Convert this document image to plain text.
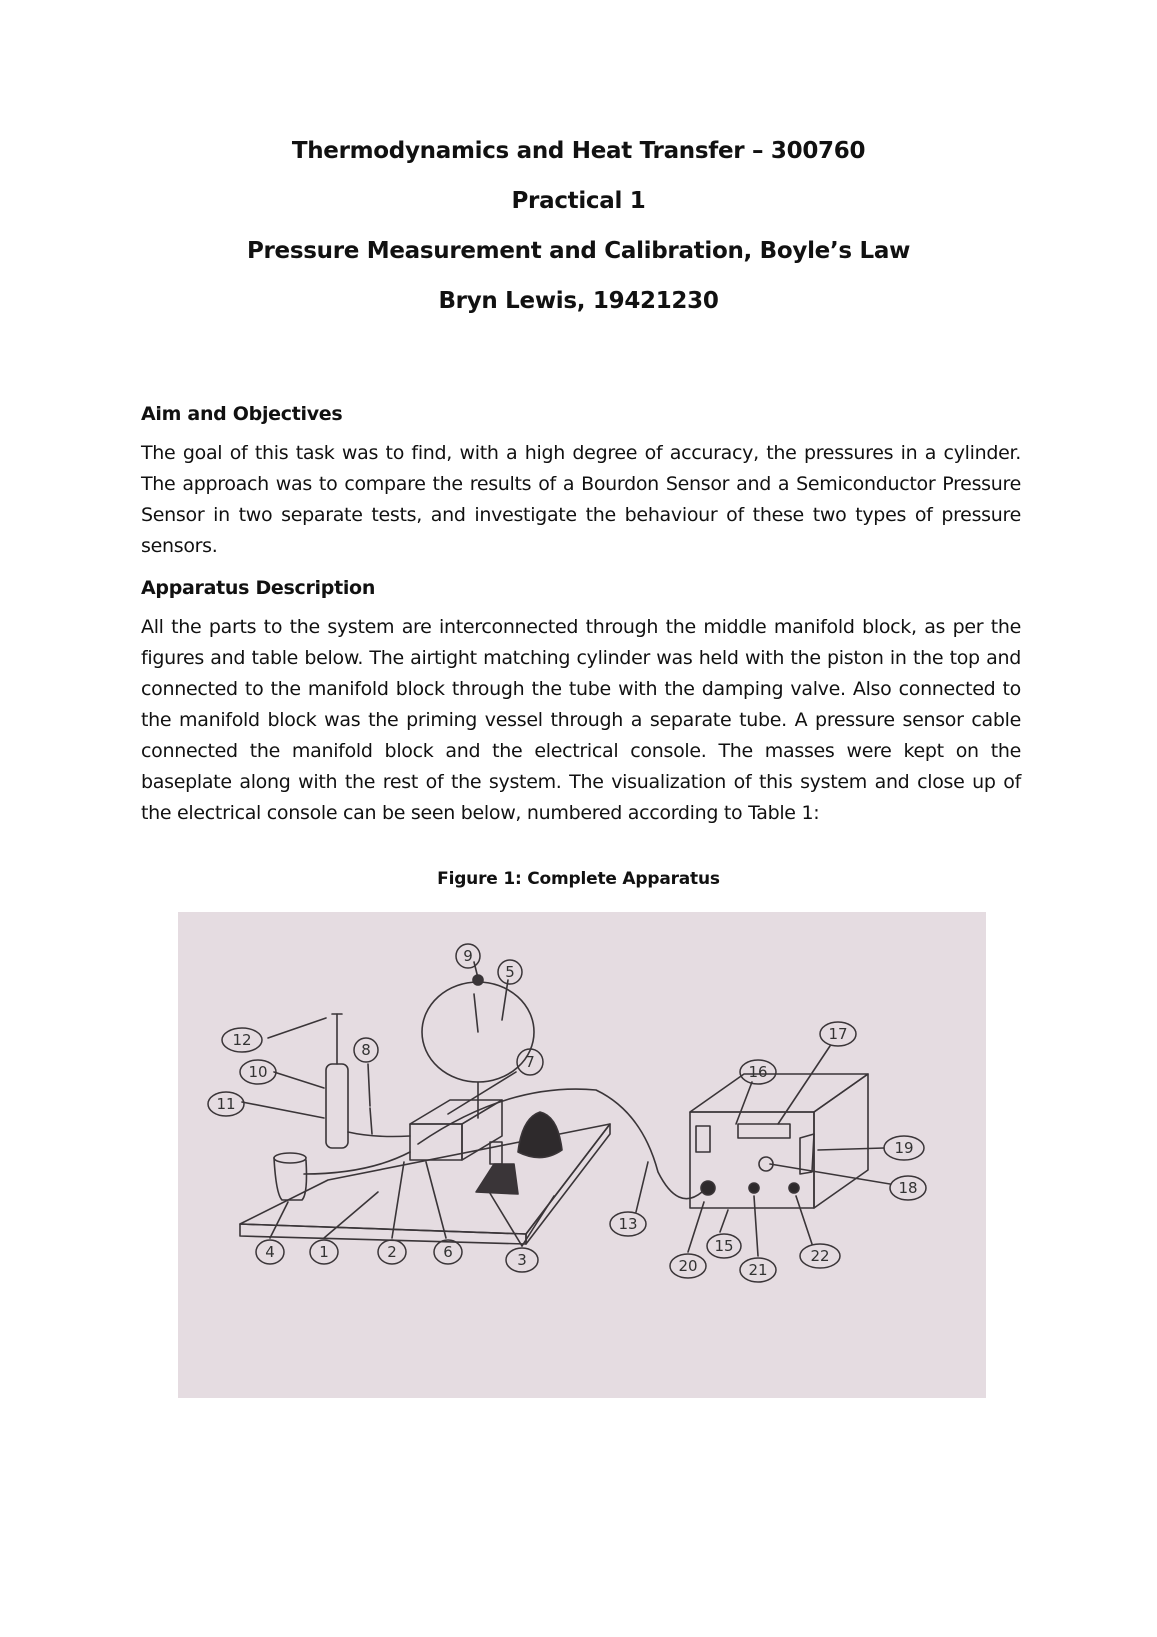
Thermodynamics and Heat Transfer – 300760
Practical 1
Pressure Measurement and Calibration, Boyle’s Law
Bryn Lewis, 19421230
Aim and Objectives

The goal of this task was to find, with a high degree of accuracy, the pressures in a cylinder. The approach was to compare the results of a Bourdon Sensor and a Semiconductor Pressure Sensor in two separate tests, and investigate the behaviour of these two types of pressure sensors.

Apparatus Description

All the parts to the system are interconnected through the middle manifold block, as per the figures and table below. The airtight matching cylinder was held with the piston in the top and connected to the manifold block through the tube with the damping valve. Also connected to the manifold block was the priming vessel through a separate tube. A pressure sensor cable connected the manifold block and the electrical console. The masses were kept on the baseplate along with the rest of the system. The visualization of this system and close up of the electrical console can be seen below, numbered according to Table 1:

Figure 1: Complete Apparatus
9
5
7
8
12
10
11
4	1	2	6	3
13
20
15
21
22
16
17
19
18
